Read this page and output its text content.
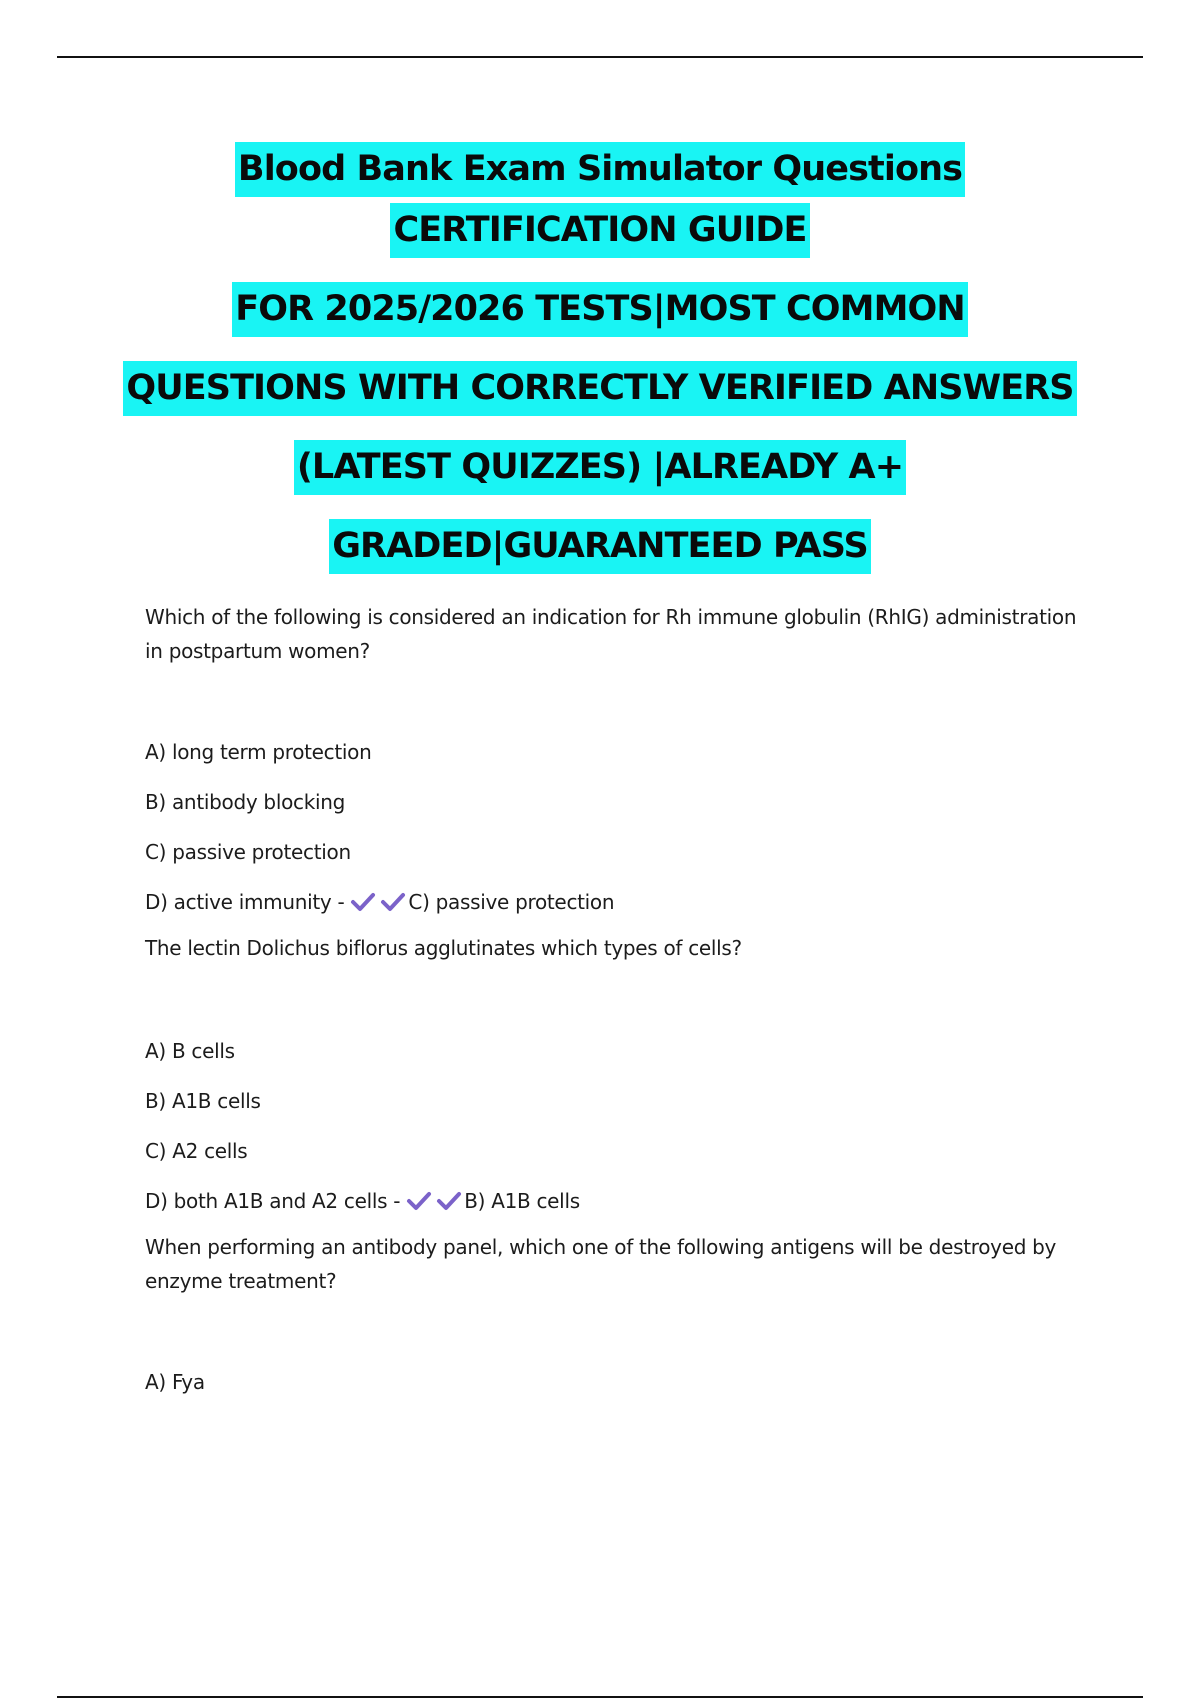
Blood Bank Exam Simulator Questions
CERTIFICATION GUIDE
FOR 2025/2026 TESTS|MOST COMMON
QUESTIONS WITH CORRECTLY VERIFIED ANSWERS
(LATEST QUIZZES) |ALREADY A+
GRADED|GUARANTEED PASS

Which of the following is considered an indication for Rh immune globulin (RhIG) administration in postpartum women?

A) long term protection

B) antibody blocking

C) passive protection

D) active immunity -	C) passive protection

The lectin Dolichus biflorus agglutinates which types of cells?

A) B cells

B) A1B cells

C) A2 cells

D) both A1B and A2 cells -	B) A1B cells

When performing an antibody panel, which one of the following antigens will be destroyed by enzyme treatment?

A) Fya
